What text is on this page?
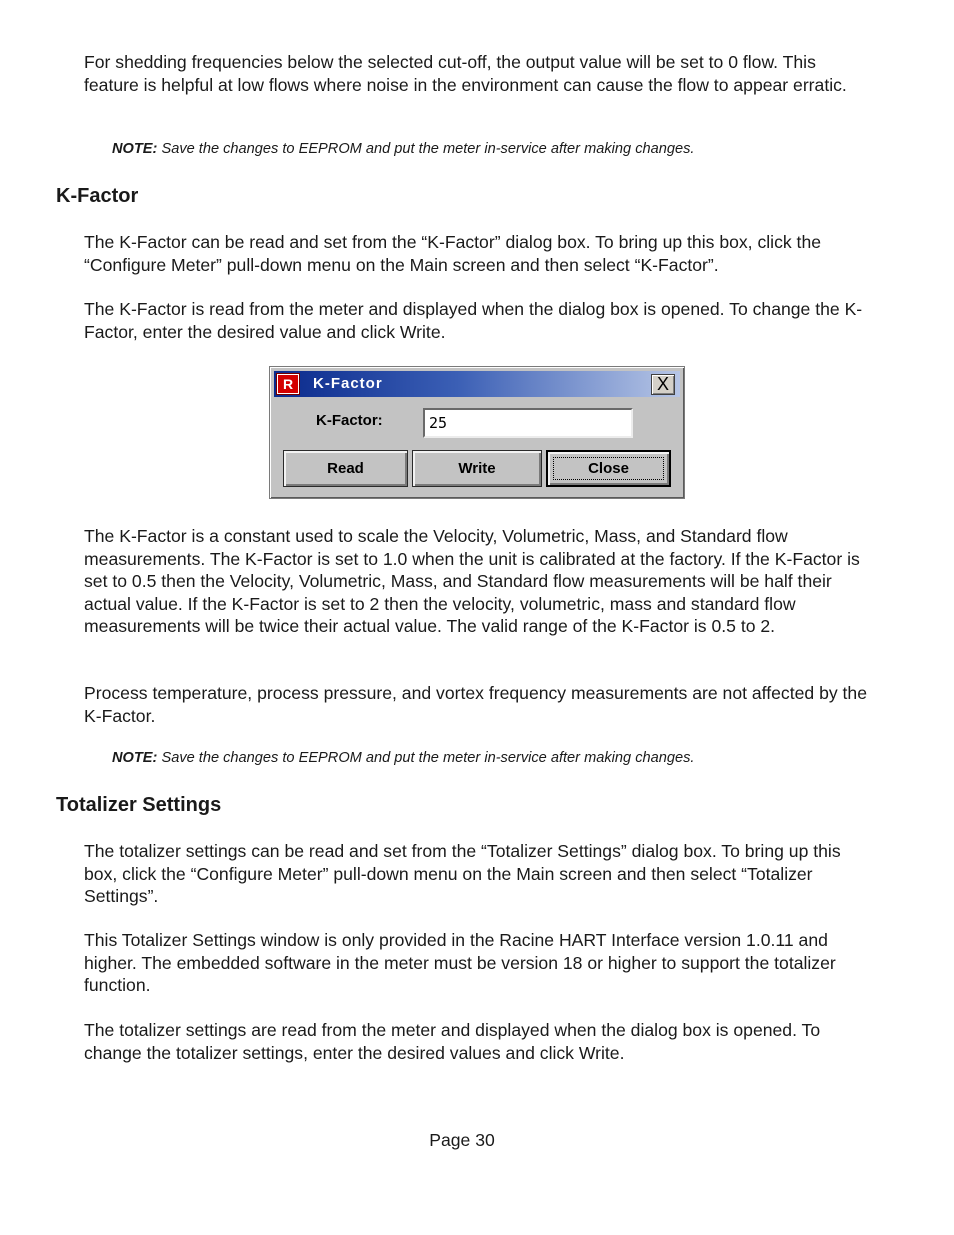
For shedding frequencies below the selected cut-off, the output value will be set to 0 flow. This feature is helpful at low flows where noise in the environment can cause the flow to appear erratic.

NOTE: Save the changes to EEPROM and put the meter in-service after making changes.

K-Factor

The K-Factor can be read and set from the “K-Factor” dialog box. To bring up this box, click the “Configure Meter” pull-down menu on the Main screen and then select “K-Factor”.

The K-Factor is read from the meter and displayed when the dialog box is opened. To change the K-Factor, enter the desired value and click Write.

R	K-Factor	X
K-Factor:
25
Read	Write	Close

The K-Factor is a constant used to scale the Velocity, Volumetric, Mass, and Standard flow measurements. The K-Factor is set to 1.0 when the unit is calibrated at the factory. If the K-Factor is set to 0.5 then the Velocity, Volumetric, Mass, and Standard flow measurements will be half their actual value. If the K-Factor is set to 2 then the velocity, volumetric, mass and standard flow measurements will be twice their actual value. The valid range of the K-Factor is 0.5 to 2.

Process temperature, process pressure, and vortex frequency measurements are not affected by the K-Factor.

NOTE: Save the changes to EEPROM and put the meter in-service after making changes.

Totalizer Settings

The totalizer settings can be read and set from the “Totalizer Settings” dialog box. To bring up this box, click the “Configure Meter” pull-down menu on the Main screen and then select “Totalizer Settings”.

This Totalizer Settings window is only provided in the Racine HART Interface version 1.0.11 and higher. The embedded software in the meter must be version 18 or higher to support the totalizer function.

The totalizer settings are read from the meter and displayed when the dialog box is opened. To change the totalizer settings, enter the desired values and click Write.

Page 30
